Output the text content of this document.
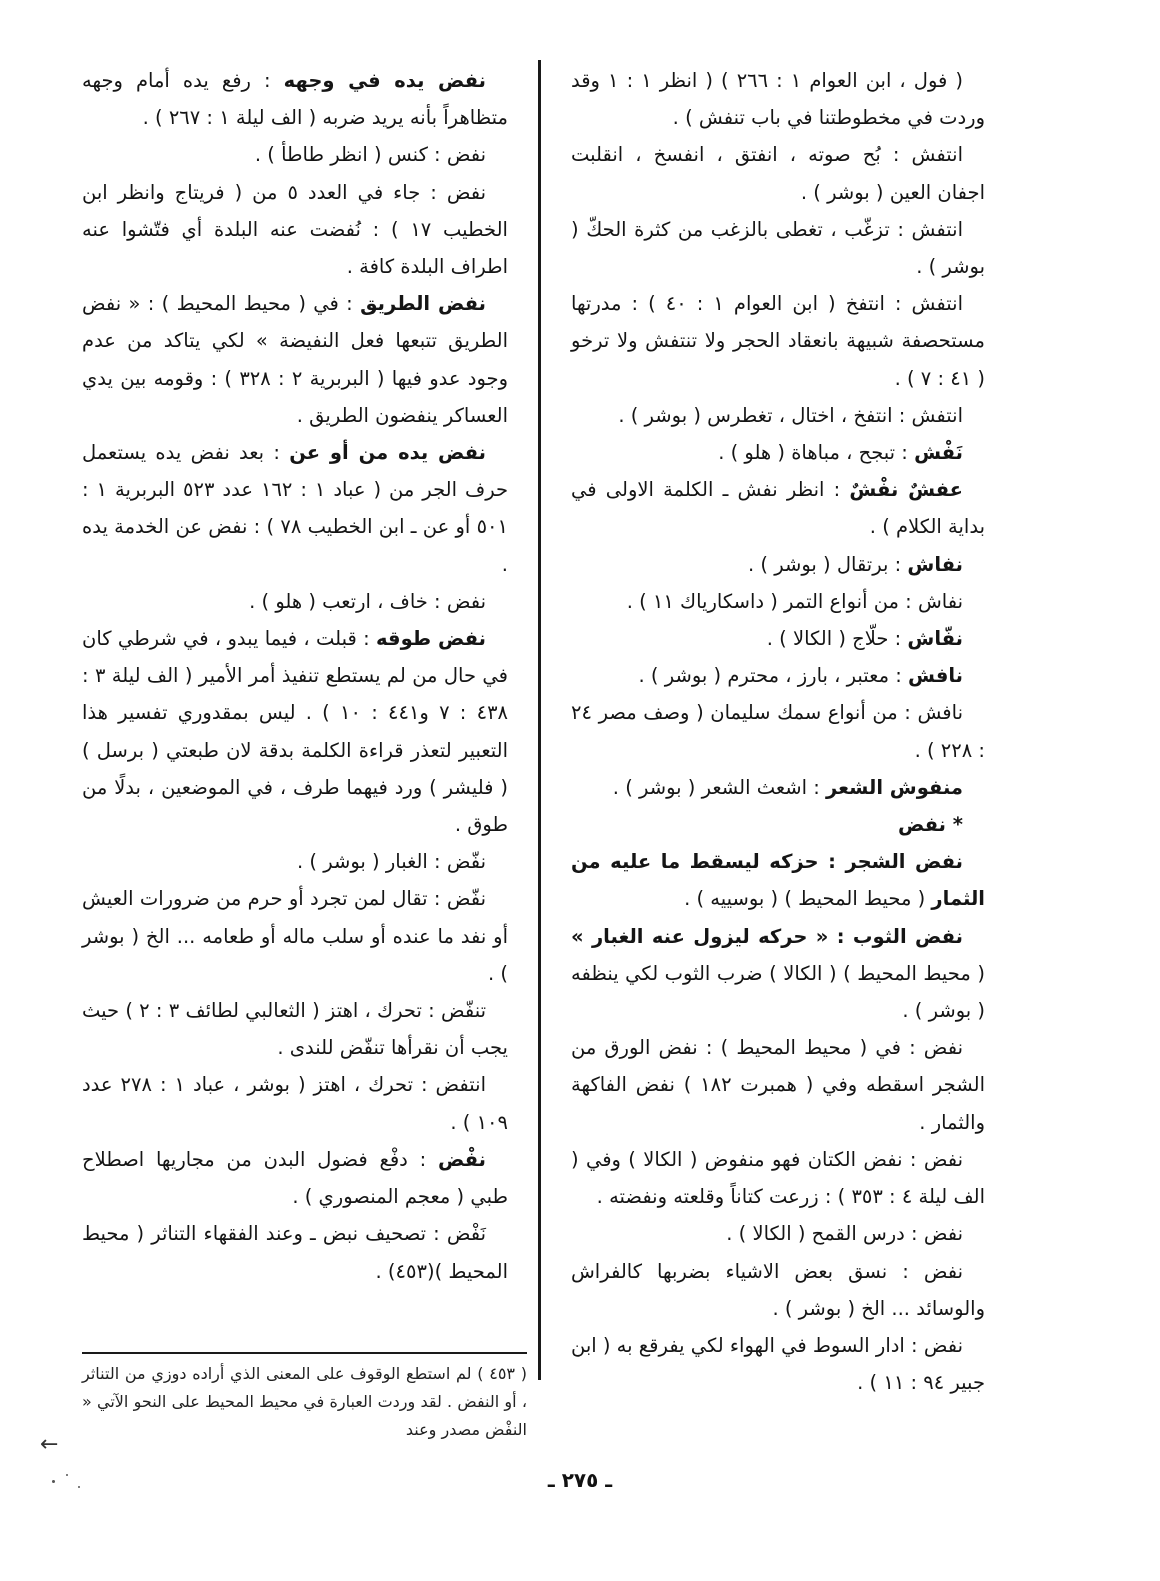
( فول ، ابن العوام ١ : ٢٦٦ ) ( انظر ١ : ١ وقد وردت في مخطوطتنا في باب تنفش ) .

انتفش : بُح صوته ، انفتق ، انفسخ ، انقلبت اجفان العين ( بوشر ) .

انتفش : تزغّب ، تغطى بالزغب من كثرة الحكّ ( بوشر ) .

انتفش : انتفخ ( ابن العوام ١ : ٤٠ ) : مدرتها مستحصفة شبيهة بانعقاد الحجر ولا تنتفش ولا ترخو ( ٤١ : ٧ ) .

انتفش : انتفخ ، اختال ، تغطرس ( بوشر ) .

نَفْش : تبجح ، مباهاة ( هلو ) .

عفشٌ نفْشٌ : انظر نفش ـ الكلمة الاولى في بداية الكلام ) .

نفاش : برتقال ( بوشر ) .

نفاش : من أنواع التمر ( داسكارياك ١١ ) .

نفّاش : حلّاج ( الكالا ) .

نافش : معتبر ، بارز ، محترم ( بوشر ) .

نافش : من أنواع سمك سليمان ( وصف مصر ٢٤ : ٢٢٨ ) .

منفوش الشعر : اشعث الشعر ( بوشر ) .

* نفض

نفض الشجر : حزكه ليسقط ما عليه من الثمار ( محيط المحيط ) ( بوسييه ) .

نفض الثوب : « حركه ليزول عنه الغبار » ( محيط المحيط ) ( الكالا ) ضرب الثوب لكي ينظفه ( بوشر ) .

نفض : في ( محيط المحيط ) : نفض الورق من الشجر اسقطه وفي ( همبرت ١٨٢ ) نفض الفاكهة والثمار .

نفض : نفض الكتان فهو منفوض ( الكالا ) وفي ( الف ليلة ٤ : ٣٥٣ ) : زرعت كتاناً وقلعته ونفضته .

نفض : درس القمح ( الكالا ) .

نفض : نسق بعض الاشياء بضربها كالفراش والوسائد ... الخ ( بوشر ) .

نفض : ادار السوط في الهواء لكي يفرقع به ( ابن جبير ٩٤ : ١١ ) .

نفض يده في وجهه : رفع يده أمام وجهه متظاهراً بأنه يريد ضربه ( الف ليلة ١ : ٢٦٧ ) .

نفض : كنس ( انظر طاطأ ) .

نفض : جاء في العدد ٥ من ( فريتاج وانظر ابن الخطيب ١٧ ) : نُفضت عنه البلدة أي فتّشوا عنه اطراف البلدة كافة .

نفض الطريق : في ( محيط المحيط ) : « نفض الطريق تتبعها فعل النفيضة » لكي يتاكد من عدم وجود عدو فيها ( البربرية ٢ : ٣٢٨ ) : وقومه بين يدي العساكر ينفضون الطريق .

نفض يده من أو عن : بعد نفض يده يستعمل حرف الجر من ( عباد ١ : ١٦٢ عدد ٥٢٣ البربرية ١ : ٥٠١ أو عن ـ ابن الخطيب ٧٨ ) : نفض عن الخدمة يده .

نفض : خاف ، ارتعب ( هلو ) .

نفض طوقه : قبلت ، فيما يبدو ، في شرطي كان في حال من لم يستطع تنفيذ أمر الأمير ( الف ليلة ٣ : ٤٣٨ : ٧ و٤٤١ : ١٠ ) . ليس بمقدوري تفسير هذا التعبير لتعذر قراءة الكلمة بدقة لان طبعتي ( برسل ) ( فليشر ) ورد فيهما طرف ، في الموضعين ، بدلًا من طوق .

نفّض : الغبار ( بوشر ) .

نفّض : تقال لمن تجرد أو حرم من ضرورات العيش أو نفد ما عنده أو سلب ماله أو طعامه ... الخ ( بوشر ) .

تنفّض : تحرك ، اهتز ( الثعالبي لطائف ٣ : ٢ ) حيث يجب أن نقرأها تنفّض للندى .

انتفض : تحرك ، اهتز ( بوشر ، عباد ١ : ٢٧٨ عدد ١٠٩ ) .

نفْض : دفْع فضول البدن من مجاريها اصطلاح طبي ( معجم المنصوري ) .

نَفْض : تصحيف نبض ـ وعند الفقهاء التناثر ( محيط المحيط )(٤٥٣) .

( ٤٥٣ ) لم استطع الوقوف على المعنى الذي أراده دوزي من التناثر ، أو النفض . لقد وردت العبارة في محيط المحيط على النحو الآتي « النفْض مصدر وعند
←
ـ ٢٧٥ ـ
